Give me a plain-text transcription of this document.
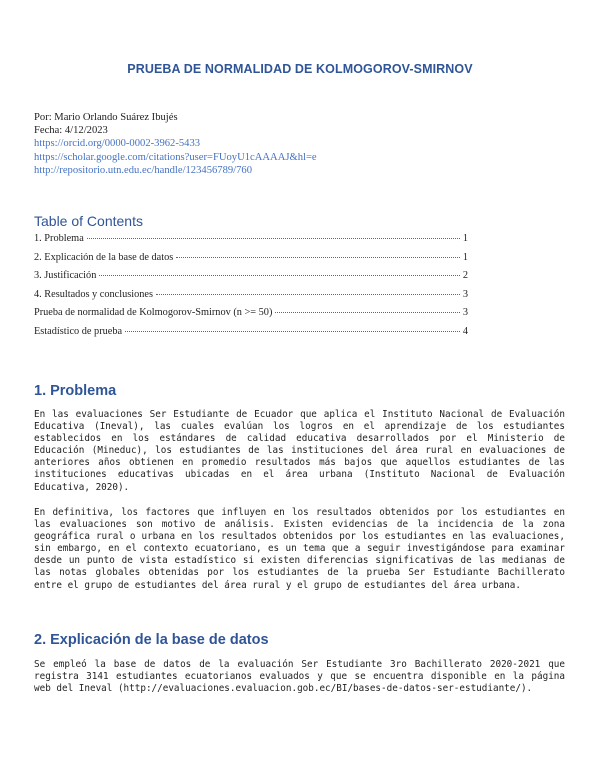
PRUEBA DE NORMALIDAD DE KOLMOGOROV-SMIRNOV
Por: Mario Orlando Suárez Ibujés
Fecha: 4/12/2023
https://orcid.org/0000-0002-3962-5433
https://scholar.google.com/citations?user=FUoyU1cAAAAJ&hl=e
http://repositorio.utn.edu.ec/handle/123456789/760
Table of Contents
1. Problema	1
2. Explicación de la base de datos	1
3. Justificación	2
4. Resultados y conclusiones	3
Prueba de normalidad de Kolmogorov-Smirnov (n >= 50)	3
Estadístico de prueba	4
1. Problema
En las evaluaciones Ser Estudiante de Ecuador que aplica el Instituto Nacional de Evaluación Educativa (Ineval), las cuales evalúan los logros en el aprendizaje de los estudiantes establecidos en los estándares de calidad educativa desarrollados por el Ministerio de Educación (Mineduc), los estudiantes de las instituciones del área rural en evaluaciones de anteriores años obtienen en promedio resultados más bajos que aquellos estudiantes de las instituciones educativas ubicadas en el área urbana (Instituto Nacional de Evaluación Educativa, 2020).
En definitiva, los factores que influyen en los resultados obtenidos por los estudiantes en las evaluaciones son motivo de análisis. Existen evidencias de la incidencia de la zona geográfica rural o urbana en los resultados obtenidos por los estudiantes en las evaluaciones, sin embargo, en el contexto ecuatoriano, es un tema que a seguir investigándose para examinar desde un punto de vista estadístico si existen diferencias significativas de las medianas de las notas globales obtenidas por los estudiantes de la prueba Ser Estudiante Bachillerato entre el grupo de estudiantes del área rural y el grupo de estudiantes del área urbana.
2. Explicación de la base de datos
Se empleó la base de datos de la evaluación Ser Estudiante 3ro Bachillerato 2020-2021 que registra 3141 estudiantes ecuatorianos evaluados y que se encuentra disponible en la página web del Ineval (http://evaluaciones.evaluacion.gob.ec/BI/bases-de-datos-ser-estudiante/).
